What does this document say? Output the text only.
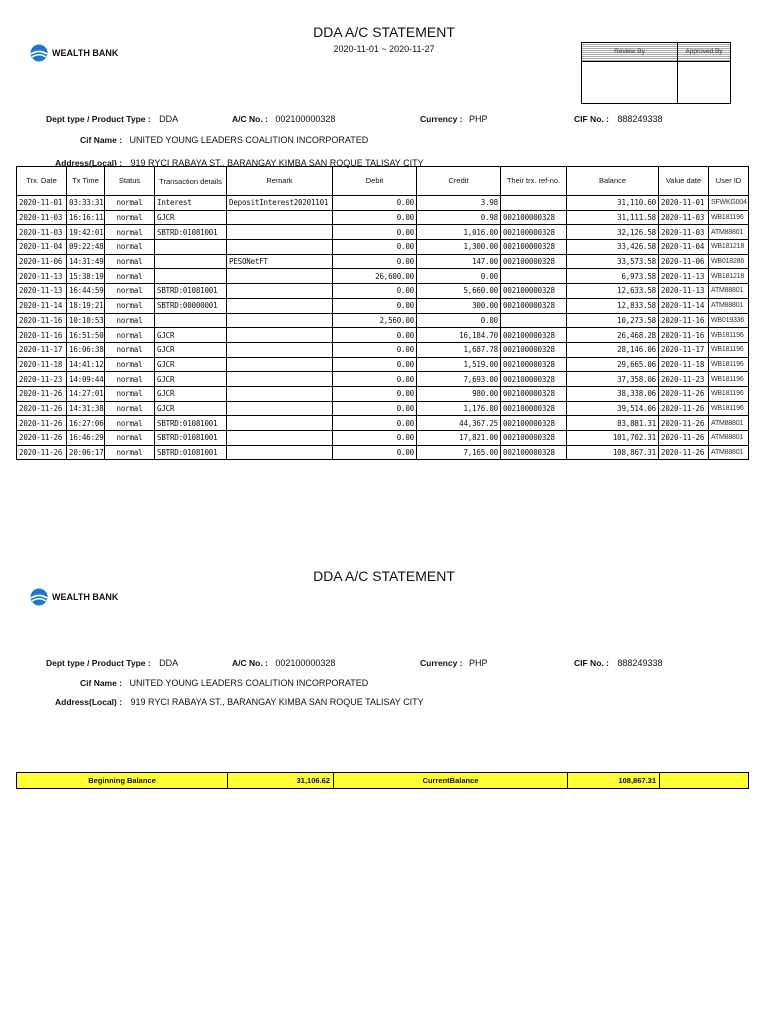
WEALTH BANK
DDA A/C STATEMENT
2020-11-01 ~ 2020-11-27	Review By	Approved By
Dept type / Product Type : DDA	A/C No. : 002100000328	Currency : PHP	CIF No. : 888249338
Cif Name : UNITED YOUNG LEADERS COALITION INCORPORATED
Address(Local) : 919 RYCI RABAYA ST., BARANGAY KIMBA SAN ROQUE TALISAY CITY
Trx. Date	Tx Time	Status	Transaction details	Remark	Debit	Credit	Their trx. ref-no.	Balance	Value date	User ID
2020-11-01	03:33:31	normal	Interest	DepositInterest20201101	0.00	3.98		31,110.60	2020-11-01	SFWKG004
2020-11-03	16:16:11	normal	GJCR		0.00	0.98	002100000328	31,111.58	2020-11-03	WB181196
2020-11-03	19:42:01	normal	SBTRD:01081001		0.00	1,016.00	002100000328	32,126.58	2020-11-03	ATM88801
2020-11-04	09:22:48	normal			0.00	1,300.00	002100000328	33,426.58	2020-11-04	WB181218
2020-11-06	14:31:49	normal		PESONetFT	0.00	147.00	002100000328	33,573.58	2020-11-06	WB018286
2020-11-13	15:38:19	normal			26,600.00	0.00		6,973.58	2020-11-13	WB181218
2020-11-13	16:44:59	normal	SBTRD:01081001		0.00	5,660.00	002100000328	12,633.58	2020-11-13	ATM88801
2020-11-14	18:19:21	normal	SBTRD:00000001		0.00	300.00	002100000328	12,833.58	2020-11-14	ATM88801
2020-11-16	10:10:53	normal			2,560.00	0.00		10,273.58	2020-11-16	WB019336
2020-11-16	16:51:50	normal	GJCR		0.00	16,184.70	002100000328	26,468.28	2020-11-16	WB181196
2020-11-17	16:06:38	normal	GJCR		0.00	1,687.78	002100000328	28,146.06	2020-11-17	WB181196
2020-11-18	14:41:12	normal	GJCR		0.00	1,519.00	002100000328	29,665.06	2020-11-18	WB181196
2020-11-23	14:09:44	normal	GJCR		0.00	7,693.00	002100000328	37,358.06	2020-11-23	WB181196
2020-11-26	14:27:01	normal	GJCR		0.00	980.00	002100000328	38,338.06	2020-11-26	WB181196
2020-11-26	14:31:38	normal	GJCR		0.00	1,176.00	002100000328	39,514.06	2020-11-26	WB181196
2020-11-26	16:27:06	normal	SBTRD:01081001		0.00	44,367.25	002100000328	83,881.31	2020-11-26	ATM88801
2020-11-26	16:46:29	normal	SBTRD:01081001		0.00	17,821.00	002100000328	101,702.31	2020-11-26	ATM88801
2020-11-26	20:06:17	normal	SBTRD:01081001		0.00	7,165.00	002100000328	108,867.31	2020-11-26	ATM88801
WEALTH BANK
DDA A/C STATEMENT
Dept type / Product Type : DDA	A/C No. : 002100000328	Currency : PHP	CIF No. : 888249338
Cif Name : UNITED YOUNG LEADERS COALITION INCORPORATED
Address(Local) : 919 RYCI RABAYA ST., BARANGAY KIMBA SAN ROQUE TALISAY CITY
Beginning Balance	31,106.62	CurrentBalance	108,867.31	
